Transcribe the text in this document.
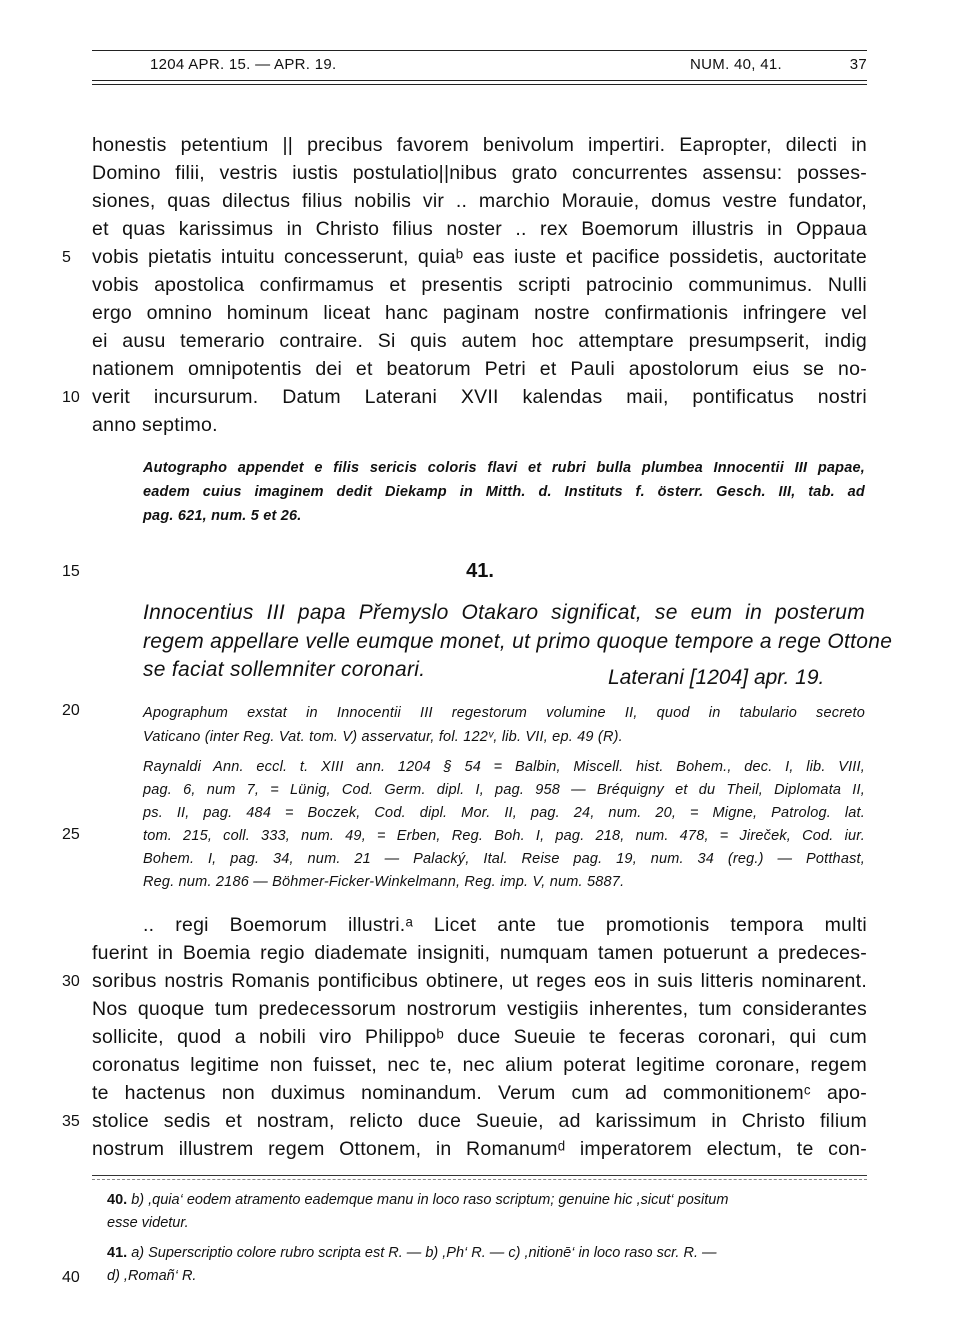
1204 APR. 15. — APR. 19.	NUM. 40, 41.	37
honestis petentium || precibus favorem benivolum impertiri. Eapropter, dilecti in
Domino filii, vestris iustis postulatio||nibus grato concurrentes assensu: posses-
siones, quas dilectus filius nobilis vir .. marchio Morauie, domus vestre fundator,
et quas karissimus in Christo filius noster .. rex Boemorum illustris in Oppaua
5 vobis pietatis intuitu concesserunt, quiaᵇ eas iuste et pacifice possidetis, auctoritate
vobis apostolica confirmamus et presentis scripti patrocinio communimus. Nulli
ergo omnino hominum liceat hanc paginam nostre confirmationis infringere vel
ei ausu temerario contraire. Si quis autem hoc attemptare presumpserit, indig
nationem omnipotentis dei et beatorum Petri et Pauli apostolorum eius se no-
10 verit incursurum. Datum Laterani XVII kalendas maii, pontificatus nostri
anno septimo.
Autographo appendet e filis sericis coloris flavi et rubri bulla plumbea Innocentii III papae,
eadem cuius imaginem dedit Diekamp in Mitth. d. Instituts f. österr. Gesch. III, tab. ad
pag. 621, num. 5 et 26.
15	41.
Innocentius III papa Přemyslo Otakaro significat, se eum in posterum
regem appellare velle eumque monet, ut primo quoque tempore a rege Ottone
se faciat sollemniter coronari.	Laterani [1204] apr. 19.
20	Apographum exstat in Innocentii III regestorum volumine II, quod in tabulario secreto
Vaticano (inter Reg. Vat. tom. V) asservatur, fol. 122ᵛ, lib. VII, ep. 49 (R).
Raynaldi Ann. eccl. t. XIII ann. 1204 § 54 = Balbin, Miscell. hist. Bohem., dec. I, lib. VIII,
pag. 6, num 7, = Lünig, Cod. Germ. dipl. I, pag. 958 — Bréquigny et du Theil, Diplomata II,
ps. II, pag. 484 = Boczek, Cod. dipl. Mor. II, pag. 24, num. 20, = Migne, Patrolog. lat.
25	tom. 215, coll. 333, num. 49, = Erben, Reg. Boh. I, pag. 218, num. 478, = Jireček, Cod. iur.
Bohem. I, pag. 34, num. 21 — Palacký, Ital. Reise pag. 19, num. 34 (reg.) — Potthast,
Reg. num. 2186 — Böhmer-Ficker-Winkelmann, Reg. imp. V, num. 5887.
.. regi Boemorum illustri.ᵃ Licet ante tue promotionis tempora multi
fuerint in Boemia regio diademate insigniti, numquam tamen potuerunt a predeces-
30 soribus nostris Romanis pontificibus obtinere, ut reges eos in suis litteris nominarent.
Nos quoque tum predecessorum nostrorum vestigiis inherentes, tum considerantes
sollicite, quod a nobili viro Philippoᵇ duce Sueuie te feceras coronari, qui cum
coronatus legitime non fuisset, nec te, nec alium poterat legitime coronare, regem
te hactenus non duximus nominandum. Verum cum ad commonitionemᶜ apo-
35 stolice sedis et nostram, relicto duce Sueuie, ad karissimum in Christo filium
nostrum illustrem regem Ottonem, in Romanumᵈ imperatorem electum, te con-
40. b) ,quia‘ eodem atramento eademque manu in loco raso scriptum; genuine hic ,sicut‘ positum
esse videtur.
41. a) Superscriptio colore rubro scripta est R. — b) ,Ph‘ R. — c) ,nitionē‘ in loco raso scr. R. —
40 d) ,Romañ‘ R.
